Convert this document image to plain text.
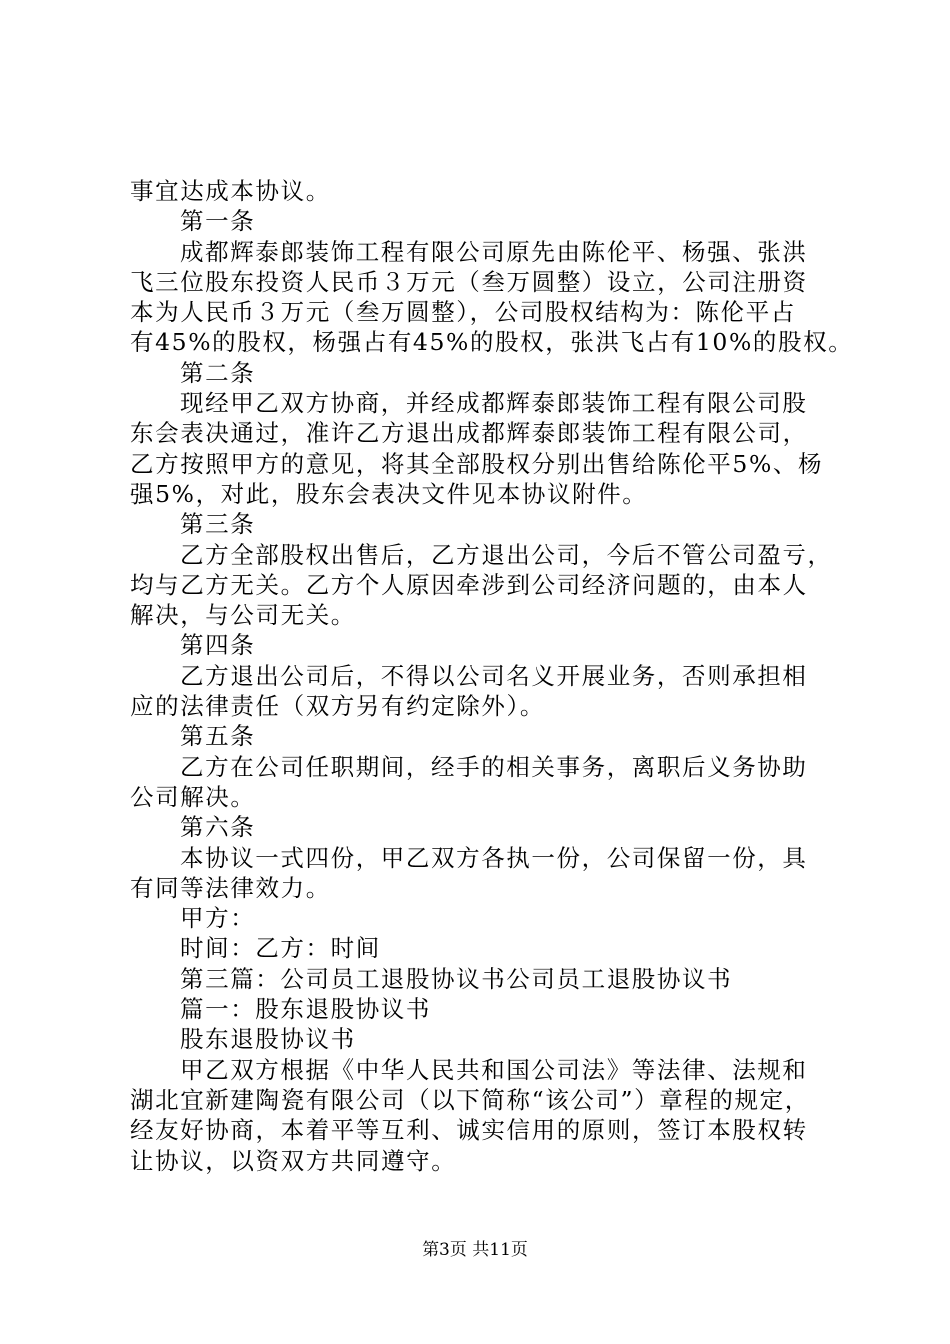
事宜达成本协议。
第一条
成都辉泰郎装饰工程有限公司原先由陈伦平、杨强、张洪
飞三位股东投资人民币３万元（叁万圆整）设立，公司注册资
本为人民币３万元（叁万圆整），公司股权结构为：陈伦平占
有45%的股权，杨强占有45%的股权，张洪飞占有10%的股权。
第二条
现经甲乙双方协商，并经成都辉泰郎装饰工程有限公司股
东会表决通过，准许乙方退出成都辉泰郎装饰工程有限公司，
乙方按照甲方的意见，将其全部股权分别出售给陈伦平5%、杨
强5%，对此，股东会表决文件见本协议附件。
第三条
乙方全部股权出售后，乙方退出公司，今后不管公司盈亏，
均与乙方无关。乙方个人原因牵涉到公司经济问题的，由本人
解决，与公司无关。
第四条
乙方退出公司后，不得以公司名义开展业务，否则承担相
应的法律责任（双方另有约定除外）。
第五条
乙方在公司任职期间，经手的相关事务，离职后义务协助
公司解决。
第六条
本协议一式四份，甲乙双方各执一份，公司保留一份，具
有同等法律效力。
甲方：
时间：乙方：时间
第三篇：公司员工退股协议书公司员工退股协议书
篇一：股东退股协议书
股东退股协议书
甲乙双方根据《中华人民共和国公司法》等法律、法规和
湖北宜新建陶瓷有限公司（以下简称“该公司”）章程的规定，
经友好协商，本着平等互利、诚实信用的原则，签订本股权转
让协议，以资双方共同遵守。
第3页 共11页
